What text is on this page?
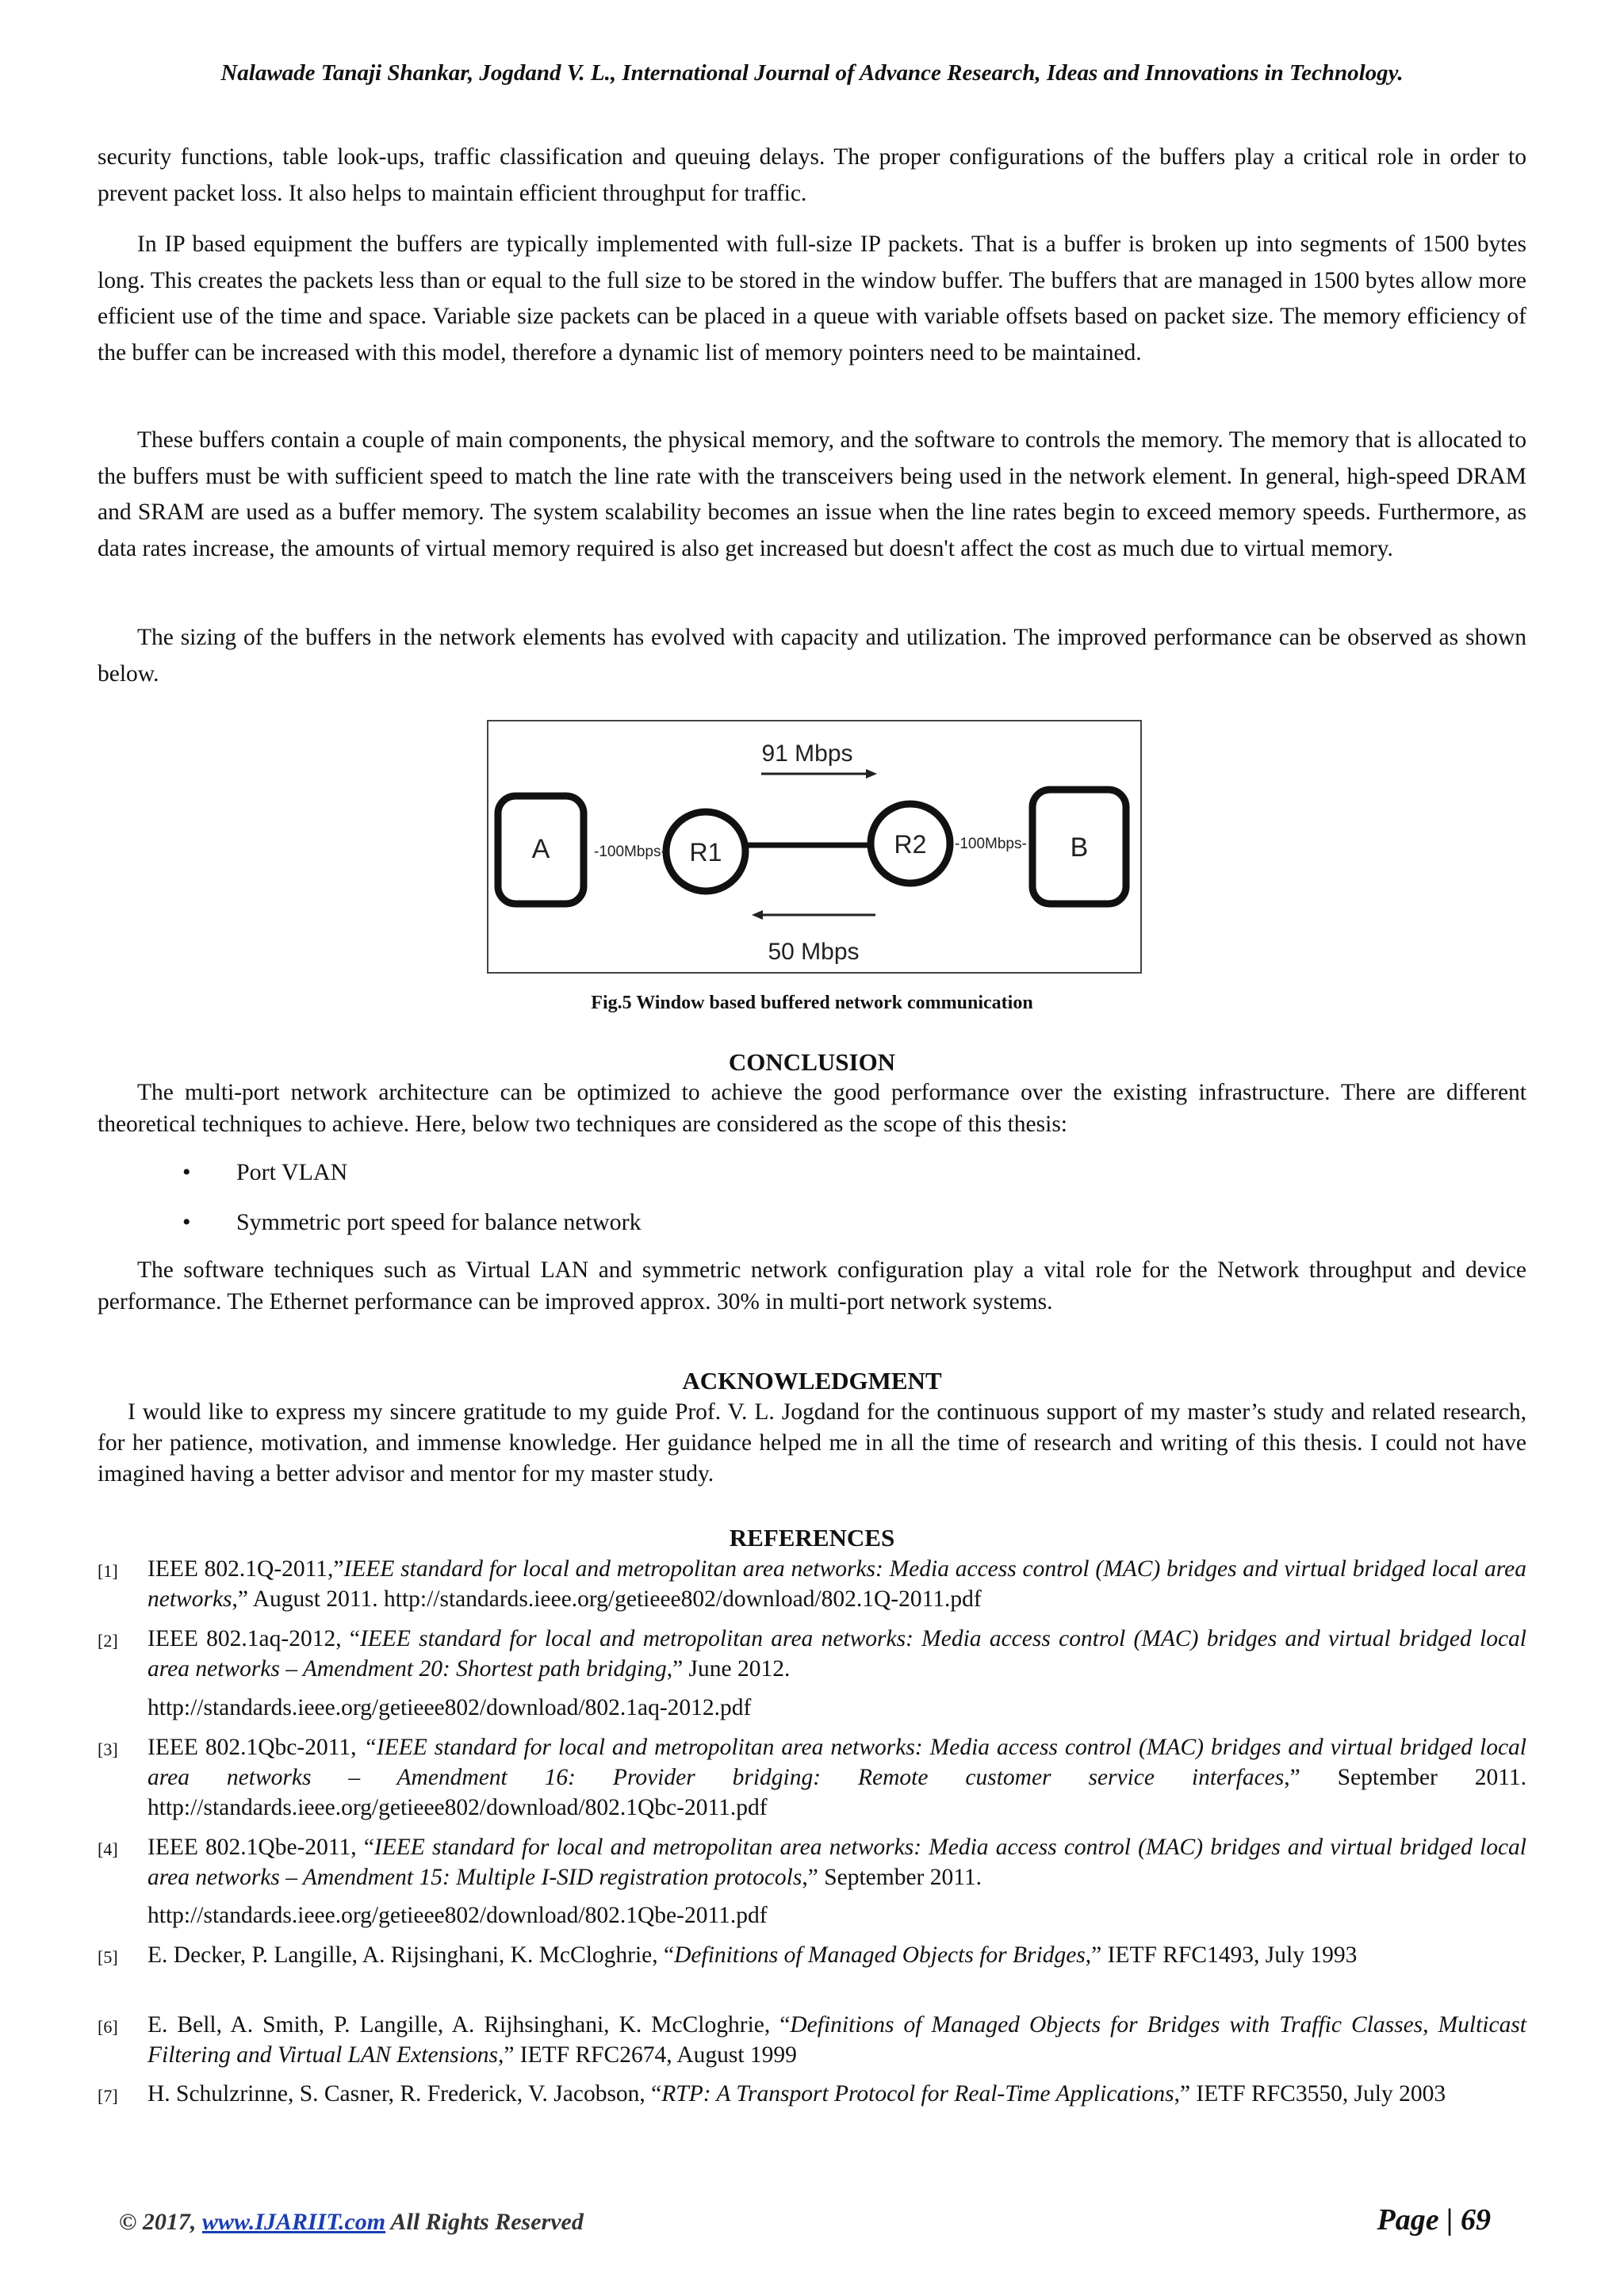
Nalawade Tanaji Shankar, Jogdand V. L., International Journal of Advance Research, Ideas and Innovations in Technology.

security functions, table look-ups, traffic classification and queuing delays. The proper configurations of the buffers play a critical role in order to prevent packet loss. It also helps to maintain efficient throughput for traffic.

In IP based equipment the buffers are typically implemented with full-size IP packets. That is a buffer is broken up into segments of 1500 bytes long. This creates the packets less than or equal to the full size to be stored in the window buffer. The buffers that are managed in 1500 bytes allow more efficient use of the time and space. Variable size packets can be placed in a queue with variable offsets based on packet size. The memory efficiency of the buffer can be increased with this model, therefore a dynamic list of memory pointers need to be maintained.

These buffers contain a couple of main components, the physical memory, and the software to controls the memory. The memory that is allocated to the buffers must be with sufficient speed to match the line rate with the transceivers being used in the network element. In general, high-speed DRAM and SRAM are used as a buffer memory. The system scalability becomes an issue when the line rates begin to exceed memory speeds. Furthermore, as data rates increase, the amounts of virtual memory required is also get increased but doesn't affect the cost as much due to virtual memory.

The sizing of the buffers in the network elements has evolved with capacity and utilization. The improved performance can be observed as shown below.

91 Mbps
A	-100Mbps- R1	R2 -100Mbps- B
50 Mbps
Fig.5 Window based buffered network communication
CONCLUSION

The multi-port network architecture can be optimized to achieve the good performance over the existing infrastructure. There are different theoretical techniques to achieve. Here, below two techniques are considered as the scope of this thesis:

• Port VLAN
• Symmetric port speed for balance network

The software techniques such as Virtual LAN and symmetric network configuration play a vital role for the Network throughput and device performance. The Ethernet performance can be improved approx. 30% in multi-port network systems.

ACKNOWLEDGMENT

I would like to express my sincere gratitude to my guide Prof. V. L. Jogdand for the continuous support of my master’s study and related research, for her patience, motivation, and immense knowledge. Her guidance helped me in all the time of research and writing of this thesis. I could not have imagined having a better advisor and mentor for my master study.

REFERENCES
[1] IEEE 802.1Q-2011,”IEEE standard for local and metropolitan area networks: Media access control (MAC) bridges and virtual bridged local area networks,” August 2011. http://standards.ieee.org/getieee802/download/802.1Q-2011.pdf
[2] IEEE 802.1aq-2012, “IEEE standard for local and metropolitan area networks: Media access control (MAC) bridges and virtual bridged local area networks – Amendment 20: Shortest path bridging,” June 2012.
http://standards.ieee.org/getieee802/download/802.1aq-2012.pdf
[3] IEEE 802.1Qbc-2011, “IEEE standard for local and metropolitan area networks: Media access control (MAC) bridges and virtual bridged local area networks – Amendment 16: Provider bridging: Remote customer service interfaces,” September 2011. http://standards.ieee.org/getieee802/download/802.1Qbc-2011.pdf
[4] IEEE 802.1Qbe-2011, “IEEE standard for local and metropolitan area networks: Media access control (MAC) bridges and virtual bridged local area networks – Amendment 15: Multiple I-SID registration protocols,” September 2011.
http://standards.ieee.org/getieee802/download/802.1Qbe-2011.pdf
[5] E. Decker, P. Langille, A. Rijsinghani, K. McCloghrie, “Definitions of Managed Objects for Bridges,” IETF RFC1493, July 1993
[6] E. Bell, A. Smith, P. Langille, A. Rijhsinghani, K. McCloghrie, “Definitions of Managed Objects for Bridges with Traffic Classes, Multicast Filtering and Virtual LAN Extensions,” IETF RFC2674, August 1999
[7] H. Schulzrinne, S. Casner, R. Frederick, V. Jacobson, “RTP: A Transport Protocol for Real-Time Applications,” IETF RFC3550, July 2003
© 2017, www.IJARIIT.com All Rights Reserved	Page | 69
